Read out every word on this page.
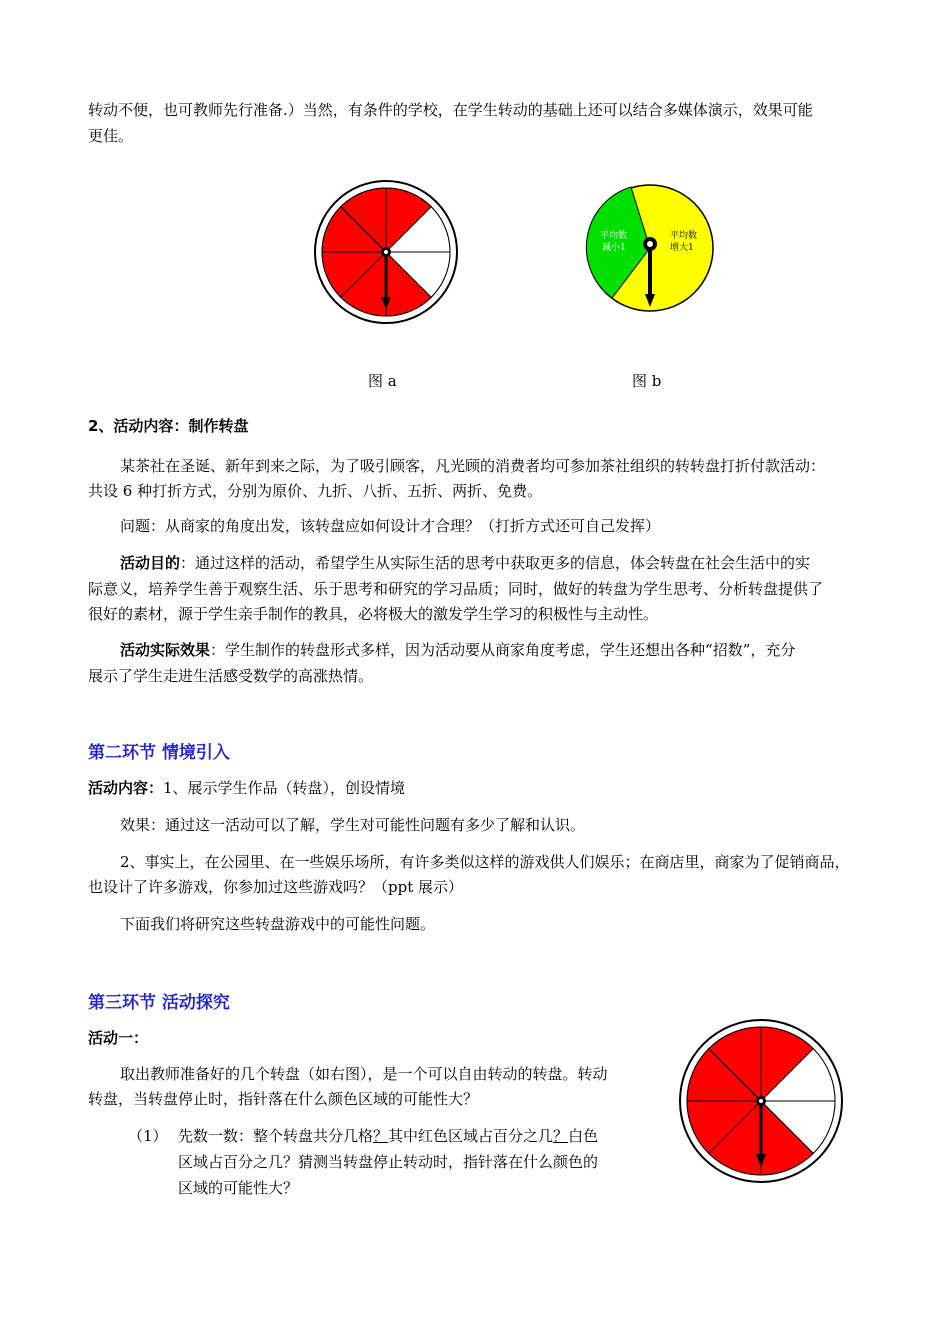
转动不便，也可教师先行准备.）当然，有条件的学校，在学生转动的基础上还可以结合多媒体演示，效果可能
更佳。
平均数
减小1
平均数
增大1
图 a	图 b
2、活动内容：制作转盘
某茶社在圣诞、新年到来之际，为了吸引顾客，凡光顾的消费者均可参加茶社组织的转转盘打折付款活动：
共设 6 种打折方式，分别为原价、九折、八折、五折、两折、免费。
问题：从商家的角度出发，该转盘应如何设计才合理？（打折方式还可自己发挥）
活动目的：通过这样的活动，希望学生从实际生活的思考中获取更多的信息，体会转盘在社会生活中的实
际意义，培养学生善于观察生活、乐于思考和研究的学习品质；同时，做好的转盘为学生思考、分析转盘提供了
很好的素材，源于学生亲手制作的教具，必将极大的激发学生学习的积极性与主动性。
活动实际效果：学生制作的转盘形式多样，因为活动要从商家角度考虑，学生还想出各种“招数”，充分
展示了学生走进生活感受数学的高涨热情。
第二环节 情境引入
活动内容：1、展示学生作品（转盘），创设情境
效果：通过这一活动可以了解，学生对可能性问题有多少了解和认识。
2、事实上，在公园里、在一些娱乐场所，有许多类似这样的游戏供人们娱乐；在商店里，商家为了促销商品，
也设计了许多游戏，你参加过这些游戏吗？（ppt 展示）
下面我们将研究这些转盘游戏中的可能性问题。
第三环节 活动探究
活动一：
取出教师准备好的几个转盘（如右图），是一个可以自由转动的转盘。转动
转盘，当转盘停止时，指针落在什么颜色区域的可能性大？
（1） 先数一数：整个转盘共分几格？其中红色区域占百分之几？白色
区域占百分之几？猜测当转盘停止转动时，指针落在什么颜色的
区域的可能性大？
